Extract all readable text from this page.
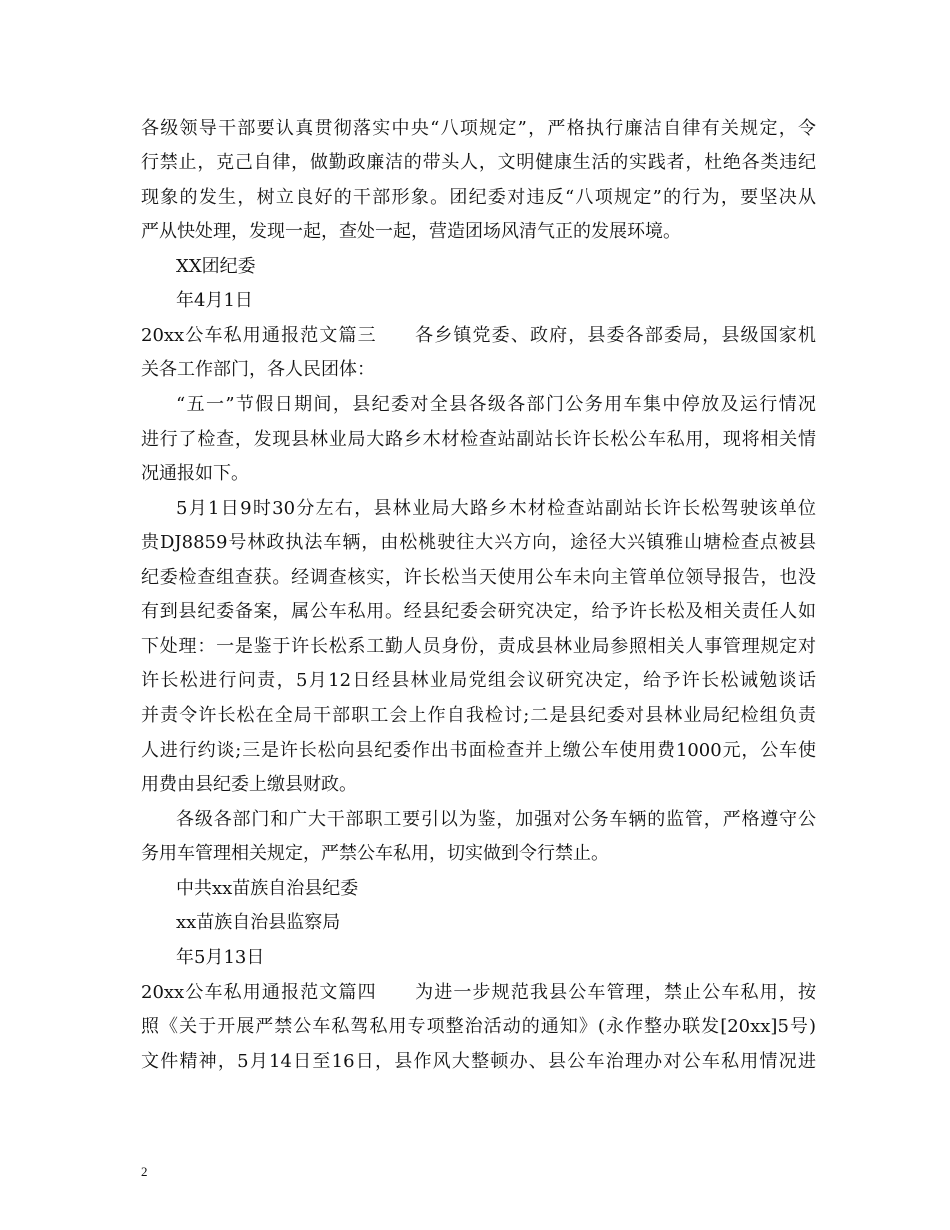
各级领导干部要认真贯彻落实中央“八项规定”，严格执行廉洁自律有关规定，令
行禁止，克己自律，做勤政廉洁的带头人，文明健康生活的实践者，杜绝各类违纪
现象的发生，树立良好的干部形象。团纪委对违反“八项规定”的行为，要坚决从
严从快处理，发现一起，查处一起，营造团场风清气正的发展环境。
XX团纪委
年4月1日
20xx公车私用通报范文篇三　　各乡镇党委、政府，县委各部委局，县级国家机
关各工作部门，各人民团体：
“五一”节假日期间，县纪委对全县各级各部门公务用车集中停放及运行情况
进行了检查，发现县林业局大路乡木材检查站副站长许长松公车私用，现将相关情
况通报如下。
5月1日9时30分左右，县林业局大路乡木材检查站副站长许长松驾驶该单位
贵DJ8859号林政执法车辆，由松桃驶往大兴方向，途径大兴镇雅山塘检查点被县
纪委检查组查获。经调查核实，许长松当天使用公车未向主管单位领导报告，也没
有到县纪委备案，属公车私用。经县纪委会研究决定，给予许长松及相关责任人如
下处理：一是鉴于许长松系工勤人员身份，责成县林业局参照相关人事管理规定对
许长松进行问责，5月12日经县林业局党组会议研究决定，给予许长松诫勉谈话
并责令许长松在全局干部职工会上作自我检讨;二是县纪委对县林业局纪检组负责
人进行约谈;三是许长松向县纪委作出书面检查并上缴公车使用费1000元，公车使
用费由县纪委上缴县财政。
各级各部门和广大干部职工要引以为鉴，加强对公务车辆的监管，严格遵守公
务用车管理相关规定，严禁公车私用，切实做到令行禁止。
中共xx苗族自治县纪委
xx苗族自治县监察局
年5月13日
20xx公车私用通报范文篇四　　为进一步规范我县公车管理，禁止公车私用，按
照《关于开展严禁公车私驾私用专项整治活动的通知》(永作整办联发[20xx]5号)
文件精神，5月14日至16日，县作风大整顿办、县公车治理办对公车私用情况进
2
